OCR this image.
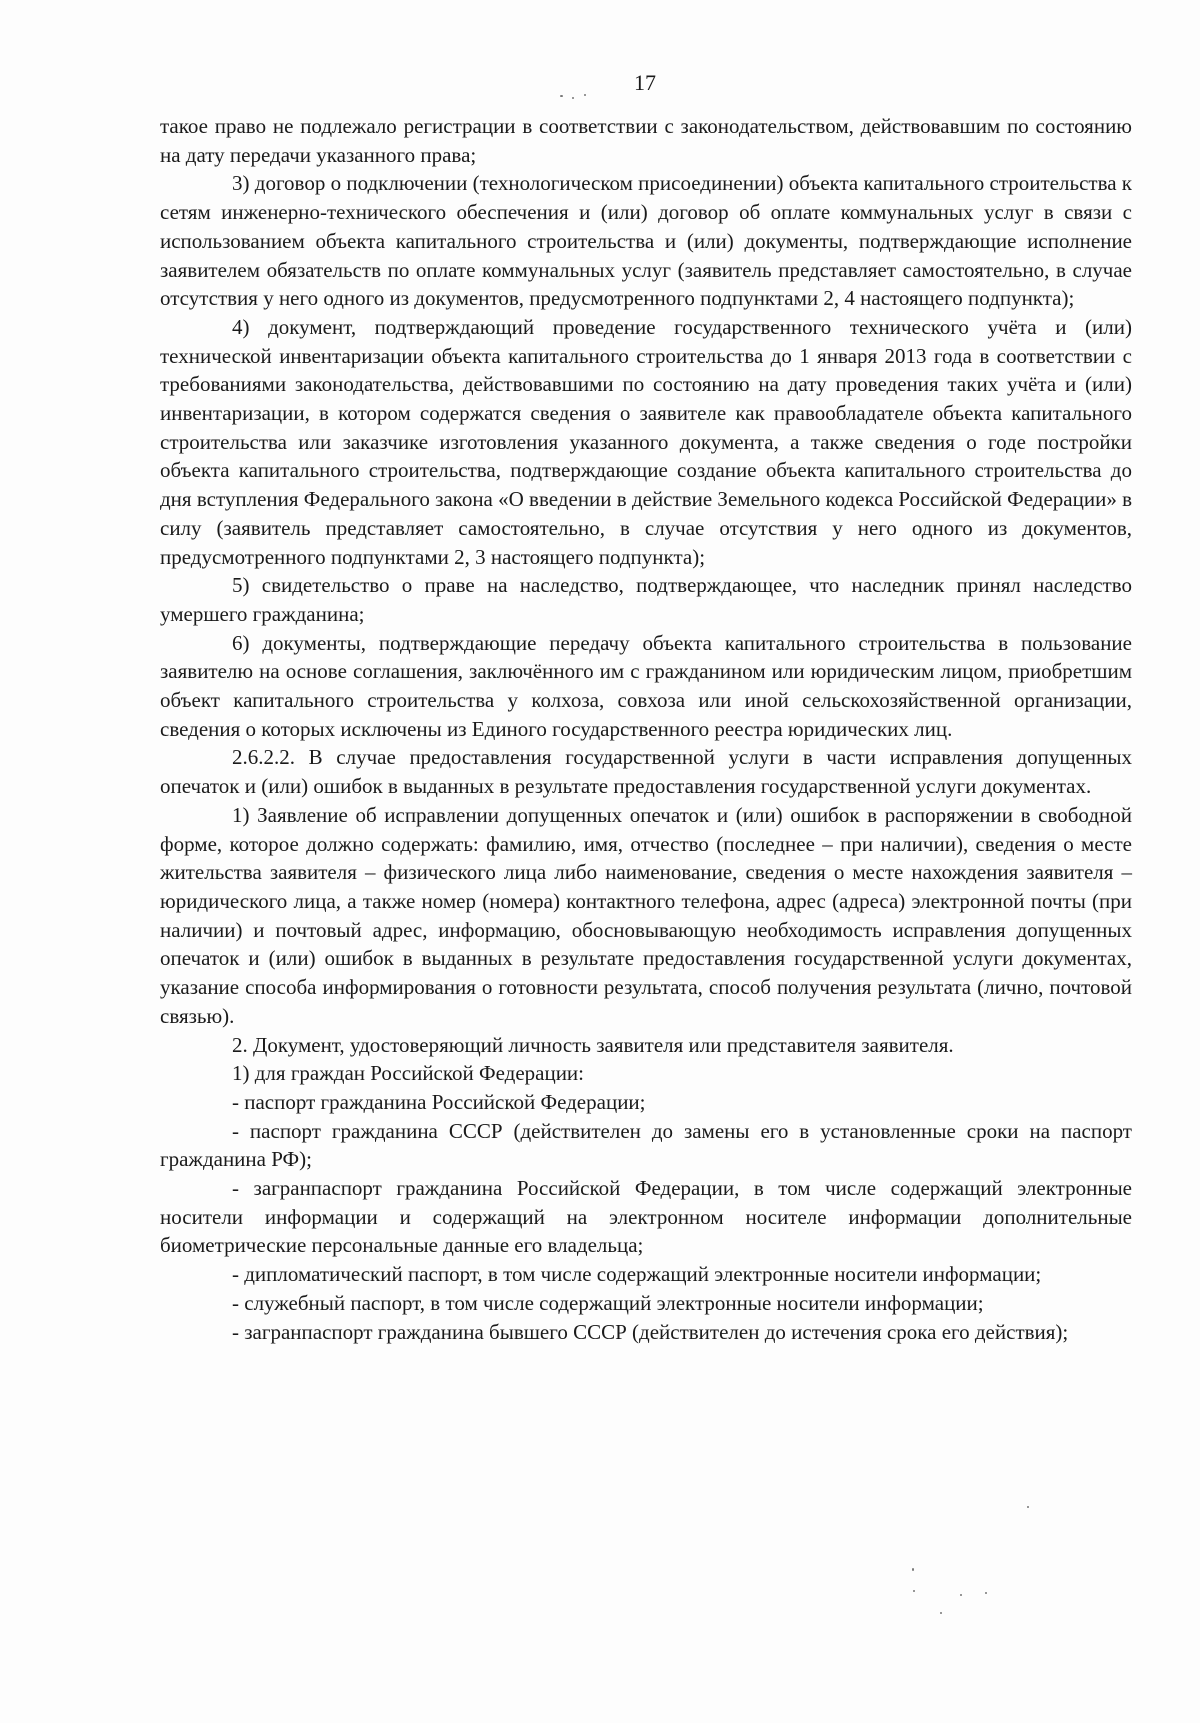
17

такое право не подлежало регистрации в соответствии с законодательством, действовавшим по состоянию на дату передачи указанного права;

3) договор о подключении (технологическом присоединении) объекта капитального строительства к сетям инженерно-технического обеспечения и (или) договор об оплате коммунальных услуг в связи с использованием объекта капитального строительства и (или) документы, подтверждающие исполнение заявителем обязательств по оплате коммунальных услуг (заявитель представляет самостоятельно, в случае отсутствия у него одного из документов, предусмотренного подпунктами 2, 4 настоящего подпункта);

4) документ, подтверждающий проведение государственного технического учёта и (или) технической инвентаризации объекта капитального строительства до 1 января 2013 года в соответствии с требованиями законодательства, действовавшими по состоянию на дату проведения таких учёта и (или) инвентаризации, в котором содержатся сведения о заявителе как правообладателе объекта капитального строительства или заказчике изготовления указанного документа, а также сведения о годе постройки объекта капитального строительства, подтверждающие создание объекта капитального строительства до дня вступления Федерального закона «О введении в действие Земельного кодекса Российской Федерации» в силу (заявитель представляет самостоятельно, в случае отсутствия у него одного из документов, предусмотренного подпунктами 2, 3 настоящего подпункта);

5) свидетельство о праве на наследство, подтверждающее, что наследник принял наследство умершего гражданина;

6) документы, подтверждающие передачу объекта капитального строительства в пользование заявителю на основе соглашения, заключённого им с гражданином или юридическим лицом, приобретшим объект капитального строительства у колхоза, совхоза или иной сельскохозяйственной организации, сведения о которых исключены из Единого государственного реестра юридических лиц.

2.6.2.2. В случае предоставления государственной услуги в части исправления допущенных опечаток и (или) ошибок в выданных в результате предоставления государственной услуги документах.

1) Заявление об исправлении допущенных опечаток и (или) ошибок в распоряжении в свободной форме, которое должно содержать: фамилию, имя, отчество (последнее – при наличии), сведения о месте жительства заявителя – физического лица либо наименование, сведения о месте нахождения заявителя – юридического лица, а также номер (номера) контактного телефона, адрес (адреса) электронной почты (при наличии) и почтовый адрес, информацию, обосновывающую необходимость исправления допущенных опечаток и (или) ошибок в выданных в результате предоставления государственной услуги документах, указание способа информирования о готовности результата, способ получения результата (лично, почтовой связью).

2. Документ, удостоверяющий личность заявителя или представителя заявителя.

1) для граждан Российской Федерации:

- паспорт гражданина Российской Федерации;

- паспорт гражданина СССР (действителен до замены его в установленные сроки на паспорт гражданина РФ);

- загранпаспорт гражданина Российской Федерации, в том числе содержащий электронные носители информации и содержащий на электронном носителе информации дополнительные биометрические персональные данные его владельца;

- дипломатический паспорт, в том числе содержащий электронные носители информации;

- служебный паспорт, в том числе содержащий электронные носители информации;

- загранпаспорт гражданина бывшего СССР (действителен до истечения срока его действия);
